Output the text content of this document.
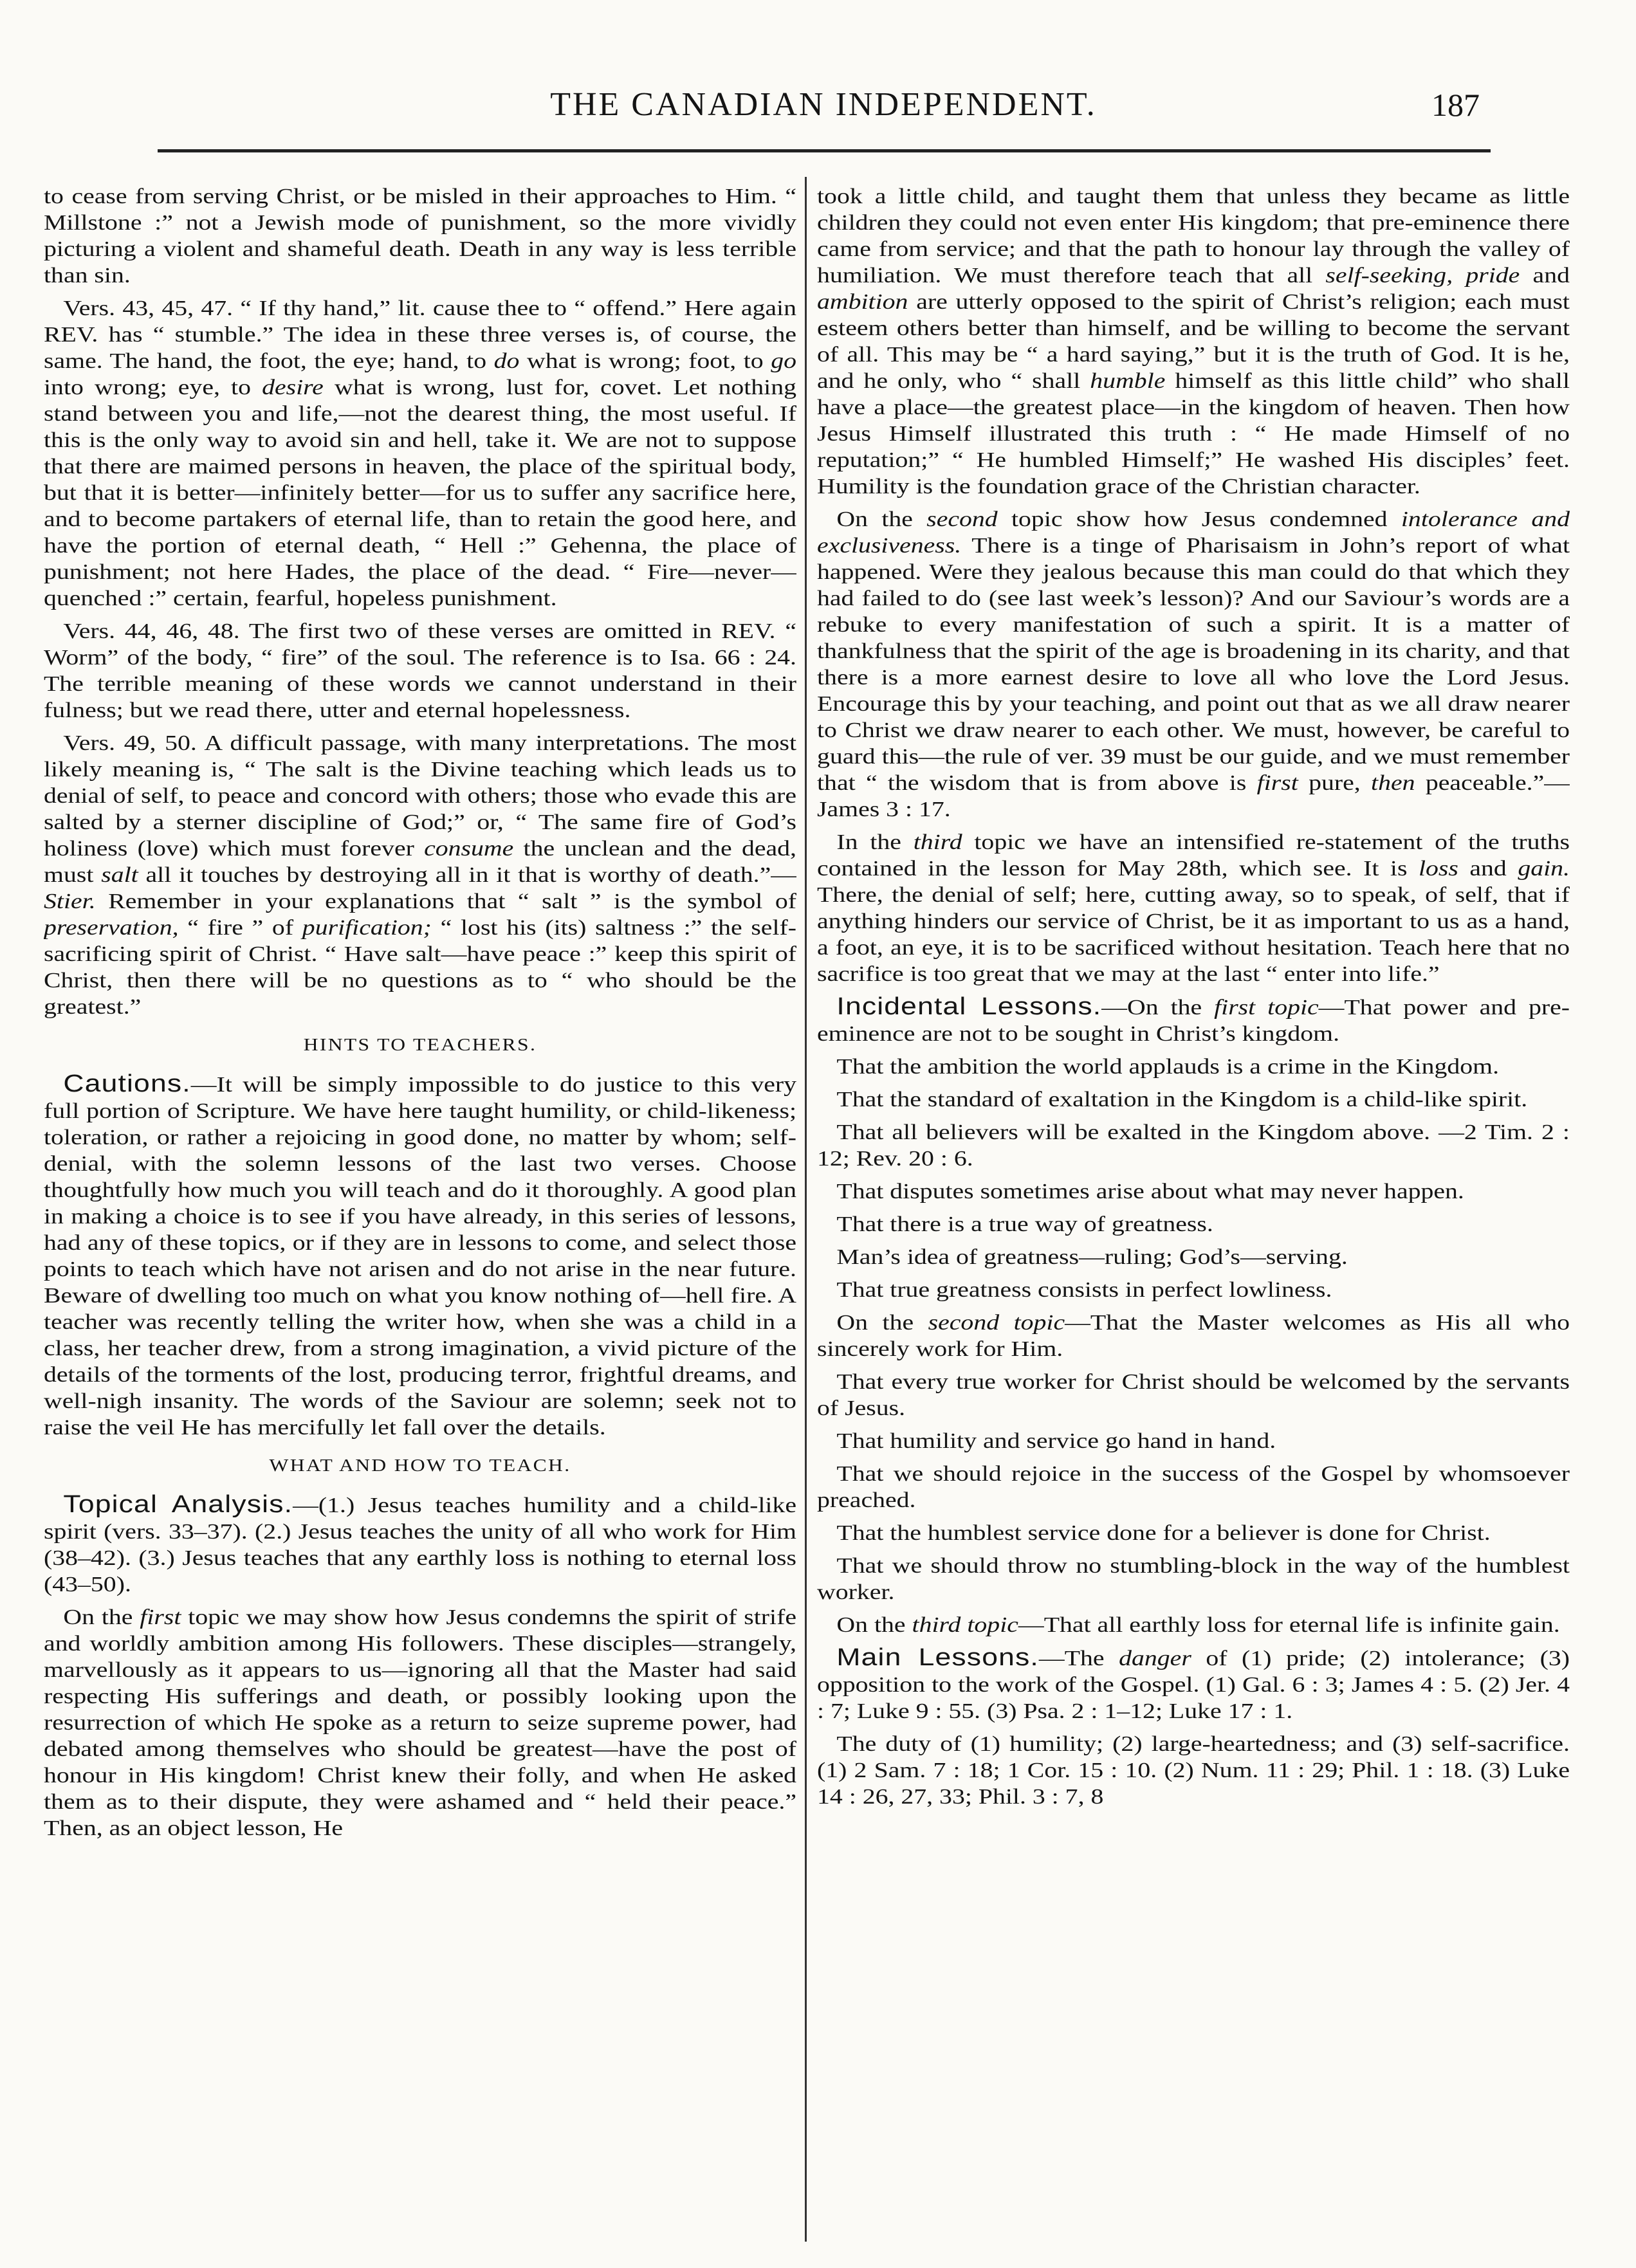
THE CANADIAN INDEPENDENT.	187

to cease from serving Christ, or be misled in their approaches to Him. “ Millstone :” not a Jewish mode of punishment, so the more vividly picturing a violent and shameful death. Death in any way is less terrible than sin.

Vers. 43, 45, 47. “ If thy hand,” lit. cause thee to “ offend.” Here again REV. has “ stumble.” The idea in these three verses is, of course, the same. The hand, the foot, the eye; hand, to do what is wrong; foot, to go into wrong; eye, to desire what is wrong, lust for, covet. Let nothing stand between you and life,—not the dearest thing, the most useful. If this is the only way to avoid sin and hell, take it. We are not to suppose that there are maimed persons in heaven, the place of the spiritual body, but that it is better—infinitely better—for us to suffer any sacrifice here, and to become partakers of eternal life, than to retain the good here, and have the portion of eternal death, “ Hell :” Gehenna, the place of punishment; not here Hades, the place of the dead. “ Fire—never—quenched :” certain, fearful, hopeless punishment.

Vers. 44, 46, 48. The first two of these verses are omitted in REV. “ Worm” of the body, “ fire” of the soul. The reference is to Isa. 66 : 24. The terrible meaning of these words we cannot understand in their fulness; but we read there, utter and eternal hopelessness.

Vers. 49, 50. A difficult passage, with many interpretations. The most likely meaning is, “ The salt is the Divine teaching which leads us to denial of self, to peace and concord with others; those who evade this are salted by a sterner discipline of God;” or, “ The same fire of God’s holiness (love) which must forever consume the unclean and the dead, must salt all it touches by destroying all in it that is worthy of death.”—Stier. Remember in your explanations that “ salt ” is the symbol of preservation, “ fire ” of purification; “ lost his (its) saltness :” the self-sacrificing spirit of Christ. “ Have salt—have peace :” keep this spirit of Christ, then there will be no questions as to “ who should be the greatest.”

HINTS TO TEACHERS.

Cautions.—It will be simply impossible to do justice to this very full portion of Scripture. We have here taught humility, or child-likeness; toleration, or rather a rejoicing in good done, no matter by whom; self-denial, with the solemn lessons of the last two verses. Choose thoughtfully how much you will teach and do it thoroughly. A good plan in making a choice is to see if you have already, in this series of lessons, had any of these topics, or if they are in lessons to come, and select those points to teach which have not arisen and do not arise in the near future. Beware of dwelling too much on what you know nothing of—hell fire. A teacher was recently telling the writer how, when she was a child in a class, her teacher drew, from a strong imagination, a vivid picture of the details of the torments of the lost, producing terror, frightful dreams, and well-nigh insanity. The words of the Saviour are solemn; seek not to raise the veil He has mercifully let fall over the details.

WHAT AND HOW TO TEACH.

Topical Analysis.—(1.) Jesus teaches humility and a child-like spirit (vers. 33–37). (2.) Jesus teaches the unity of all who work for Him (38–42). (3.) Jesus teaches that any earthly loss is nothing to eternal loss (43–50).

On the first topic we may show how Jesus condemns the spirit of strife and worldly ambition among His followers. These disciples—strangely, marvellously as it appears to us—ignoring all that the Master had said respecting His sufferings and death, or possibly looking upon the resurrection of which He spoke as a return to seize supreme power, had debated among themselves who should be greatest—have the post of honour in His kingdom! Christ knew their folly, and when He asked them as to their dispute, they were ashamed and “ held their peace.” Then, as an object lesson, He

took a little child, and taught them that unless they became as little children they could not even enter His kingdom; that pre-eminence there came from service; and that the path to honour lay through the valley of humiliation. We must therefore teach that all self-seeking, pride and ambition are utterly opposed to the spirit of Christ’s religion; each must esteem others better than himself, and be willing to become the servant of all. This may be “ a hard saying,” but it is the truth of God. It is he, and he only, who “ shall humble himself as this little child” who shall have a place—the greatest place—in the kingdom of heaven. Then how Jesus Himself illustrated this truth : “ He made Himself of no reputation;” “ He humbled Himself;” He washed His disciples’ feet. Humility is the foundation grace of the Christian character.

On the second topic show how Jesus condemned intolerance and exclusiveness. There is a tinge of Pharisaism in John’s report of what happened. Were they jealous because this man could do that which they had failed to do (see last week’s lesson)? And our Saviour’s words are a rebuke to every manifestation of such a spirit. It is a matter of thankfulness that the spirit of the age is broadening in its charity, and that there is a more earnest desire to love all who love the Lord Jesus. Encourage this by your teaching, and point out that as we all draw nearer to Christ we draw nearer to each other. We must, however, be careful to guard this—the rule of ver. 39 must be our guide, and we must remember that “ the wisdom that is from above is first pure, then peaceable.”—James 3 : 17.

In the third topic we have an intensified re-statement of the truths contained in the lesson for May 28th, which see. It is loss and gain. There, the denial of self; here, cutting away, so to speak, of self, that if anything hinders our service of Christ, be it as important to us as a hand, a foot, an eye, it is to be sacrificed without hesitation. Teach here that no sacrifice is too great that we may at the last “ enter into life.”

Incidental Lessons.—On the first topic—That power and pre-eminence are not to be sought in Christ’s kingdom.

That the ambition the world applauds is a crime in the Kingdom.

That the standard of exaltation in the Kingdom is a child-like spirit.

That all believers will be exalted in the Kingdom above. —2 Tim. 2 : 12; Rev. 20 : 6.

That disputes sometimes arise about what may never happen.

That there is a true way of greatness.

Man’s idea of greatness—ruling; God’s—serving.

That true greatness consists in perfect lowliness.

On the second topic—That the Master welcomes as His all who sincerely work for Him.

That every true worker for Christ should be welcomed by the servants of Jesus.

That humility and service go hand in hand.

That we should rejoice in the success of the Gospel by whomsoever preached.

That the humblest service done for a believer is done for Christ.

That we should throw no stumbling-block in the way of the humblest worker.

On the third topic—That all earthly loss for eternal life is infinite gain.

Main Lessons.—The danger of (1) pride; (2) intolerance; (3) opposition to the work of the Gospel. (1) Gal. 6 : 3; James 4 : 5. (2) Jer. 4 : 7; Luke 9 : 55. (3) Psa. 2 : 1–12; Luke 17 : 1.

The duty of (1) humility; (2) large-heartedness; and (3) self-sacrifice. (1) 2 Sam. 7 : 18; 1 Cor. 15 : 10. (2) Num. 11 : 29; Phil. 1 : 18. (3) Luke 14 : 26, 27, 33; Phil. 3 : 7, 8
